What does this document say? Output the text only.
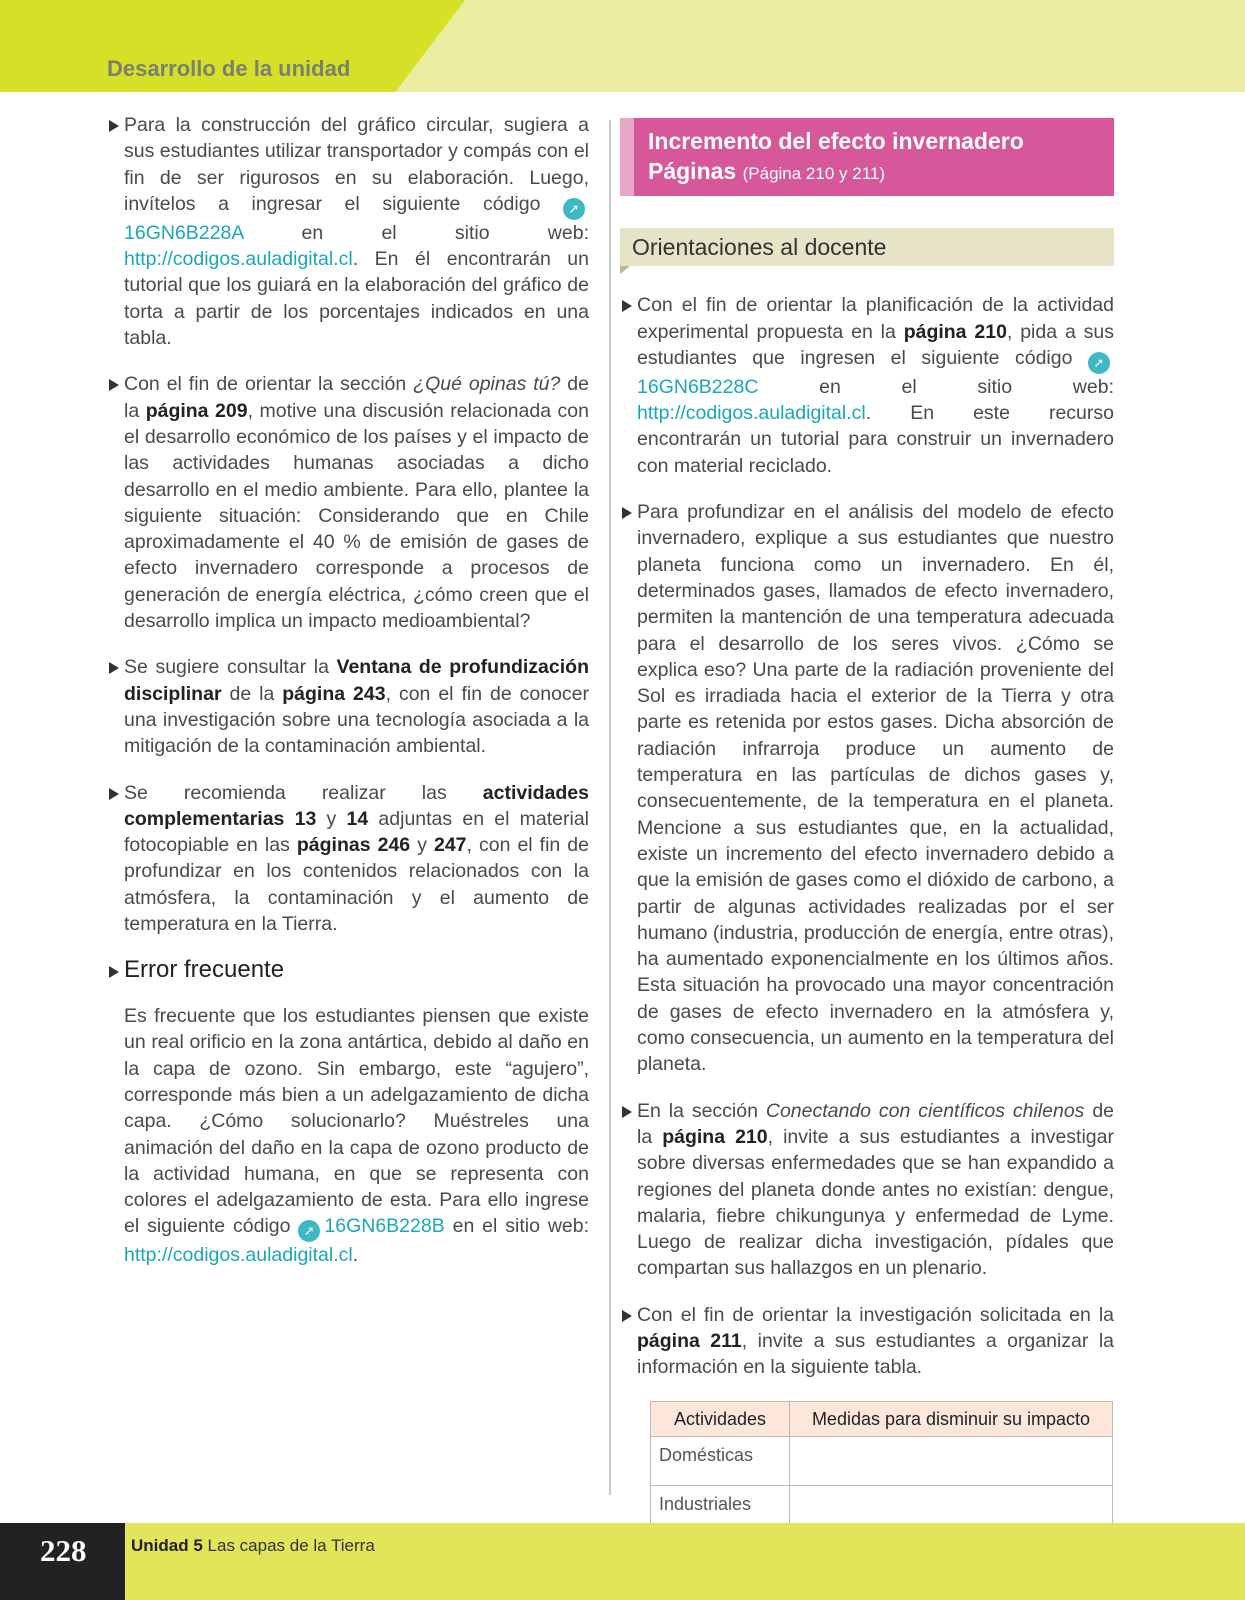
Desarrollo de la unidad

Para la construcción del gráfico circular, sugiera a sus estudiantes utilizar transportador y compás con el fin de ser rigurosos en su elaboración. Luego, invítelos a ingresar el siguiente código ➚16GN6B228A en el sitio web: http://codigos.auladigital.cl. En él encontrarán un tutorial que los guiará en la elaboración del gráfico de torta a partir de los porcentajes indicados en una tabla.

Con el fin de orientar la sección ¿Qué opinas tú? de la página 209, motive una discusión relacionada con el desarrollo económico de los países y el impacto de las actividades humanas asociadas a dicho desarrollo en el medio ambiente. Para ello, plantee la siguiente situación: Considerando que en Chile aproximadamente el 40 % de emisión de gases de efecto invernadero corresponde a procesos de generación de energía eléctrica, ¿cómo creen que el desarrollo implica un impacto medioambiental?

Se sugiere consultar la Ventana de profundización disciplinar de la página 243, con el fin de conocer una investigación sobre una tecnología asociada a la mitigación de la contaminación ambiental.

Se recomienda realizar las actividades complementarias 13 y 14 adjuntas en el material fotocopiable en las páginas 246 y 247, con el fin de profundizar en los contenidos relacionados con la atmósfera, la contaminación y el aumento de temperatura en la Tierra.

Error frecuente

Es frecuente que los estudiantes piensen que existe un real orificio en la zona antártica, debido al daño en la capa de ozono. Sin embargo, este “agujero”, corresponde más bien a un adelgazamiento de dicha capa. ¿Cómo solucionarlo? Muéstreles una animación del daño en la capa de ozono producto de la actividad humana, en que se representa con colores el adelgazamiento de esta. Para ello ingrese el siguiente código ➚ 16GN6B228B en el sitio web: http://codigos.auladigital.cl.

Incremento del efecto invernadero
Páginas (Página 210 y 211)
Orientaciones al docente

Con el fin de orientar la planificación de la actividad experimental propuesta en la página 210, pida a sus estudiantes que ingresen el siguiente código ➚16GN6B228C en el sitio web: http://codigos.auladigital.cl. En este recurso encontrarán un tutorial para construir un invernadero con material reciclado.

Para profundizar en el análisis del modelo de efecto invernadero, explique a sus estudiantes que nuestro planeta funciona como un invernadero. En él, determinados gases, llamados de efecto invernadero, permiten la mantención de una temperatura adecuada para el desarrollo de los seres vivos. ¿Cómo se explica eso? Una parte de la radiación proveniente del Sol es irradiada hacia el exterior de la Tierra y otra parte es retenida por estos gases. Dicha absorción de radiación infrarroja produce un aumento de temperatura en las partículas de dichos gases y, consecuentemente, de la temperatura en el planeta. Mencione a sus estudiantes que, en la actualidad, existe un incremento del efecto invernadero debido a que la emisión de gases como el dióxido de carbono, a partir de algunas actividades realizadas por el ser humano (industria, producción de energía, entre otras), ha aumentado exponencialmente en los últimos años. Esta situación ha provocado una mayor concentración de gases de efecto invernadero en la atmósfera y, como consecuencia, un aumento en la temperatura del planeta.

En la sección Conectando con científicos chilenos de la página 210, invite a sus estudiantes a investigar sobre diversas enfermedades que se han expandido a regiones del planeta donde antes no existían: dengue, malaria, fiebre chikungunya y enfermedad de Lyme. Luego de realizar dicha investigación, pídales que compartan sus hallazgos en un plenario.

Con el fin de orientar la investigación solicitada en la página 211, invite a sus estudiantes a organizar la información en la siguiente tabla.

Actividades	Medidas para disminuir su impacto
Domésticas	
Industriales	
228	Unidad 5 Las capas de la Tierra
